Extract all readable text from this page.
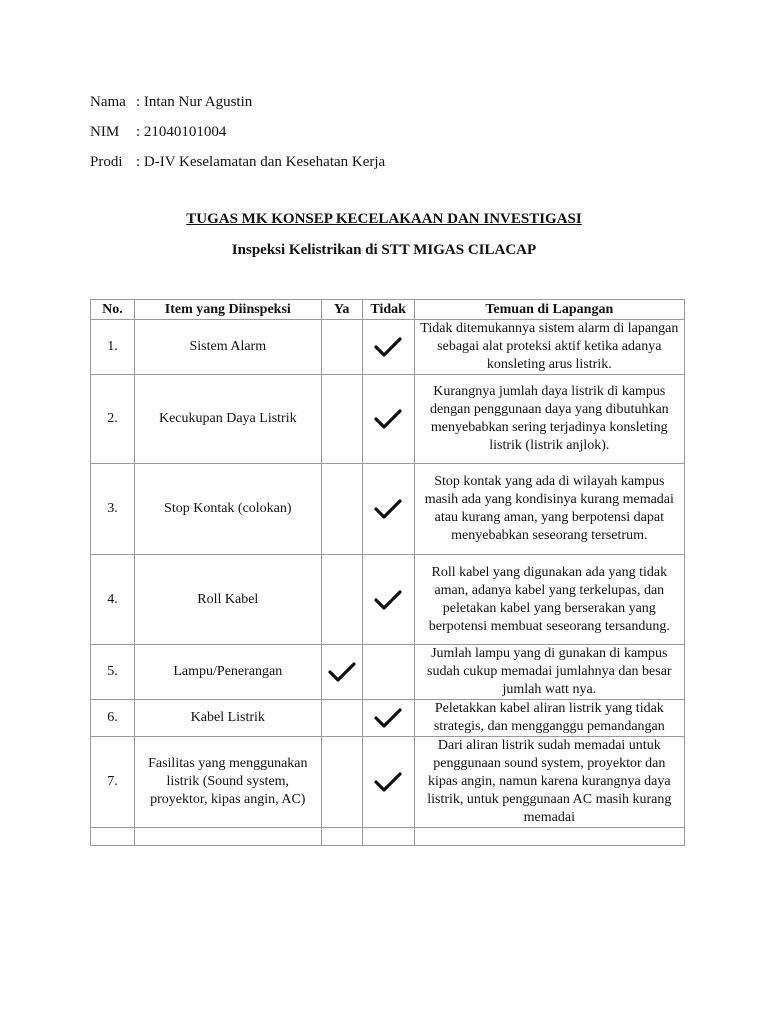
Nama : Intan Nur Agustin
NIM	: 21040101004
Prodi : D-IV Keselamatan dan Kesehatan Kerja
TUGAS MK KONSEP KECELAKAAN DAN INVESTIGASI
Inspeksi Kelistrikan di STT MIGAS CILACAP
No.	Item yang Diinspeksi	Ya	Tidak	Temuan di Lapangan
1.	Sistem Alarm			Tidak ditemukannya sistem alarm di lapangan sebagai alat proteksi aktif ketika adanya konsleting arus listrik.
2.	Kecukupan Daya Listrik			Kurangnya jumlah daya listrik di kampus dengan penggunaan daya yang dibutuhkan menyebabkan sering terjadinya konsleting listrik (listrik anjlok).
3.	Stop Kontak (colokan)			Stop kontak yang ada di wilayah kampus masih ada yang kondisinya kurang memadai atau kurang aman, yang berpotensi dapat menyebabkan seseorang tersetrum.
4.	Roll Kabel			Roll kabel yang digunakan ada yang tidak aman, adanya kabel yang terkelupas, dan peletakan kabel yang berserakan yang berpotensi membuat seseorang tersandung.
5.	Lampu/Penerangan			Jumlah lampu yang di gunakan di kampus sudah cukup memadai jumlahnya dan besar jumlah watt nya.
6.	Kabel Listrik			Peletakkan kabel aliran listrik yang tidak strategis, dan mengganggu pemandangan
7.	Fasilitas yang menggunakan listrik (Sound system, proyektor, kipas angin, AC)			Dari aliran listrik sudah memadai untuk penggunaan sound system, proyektor dan kipas angin, namun karena kurangnya daya listrik, untuk penggunaan AC masih kurang memadai
